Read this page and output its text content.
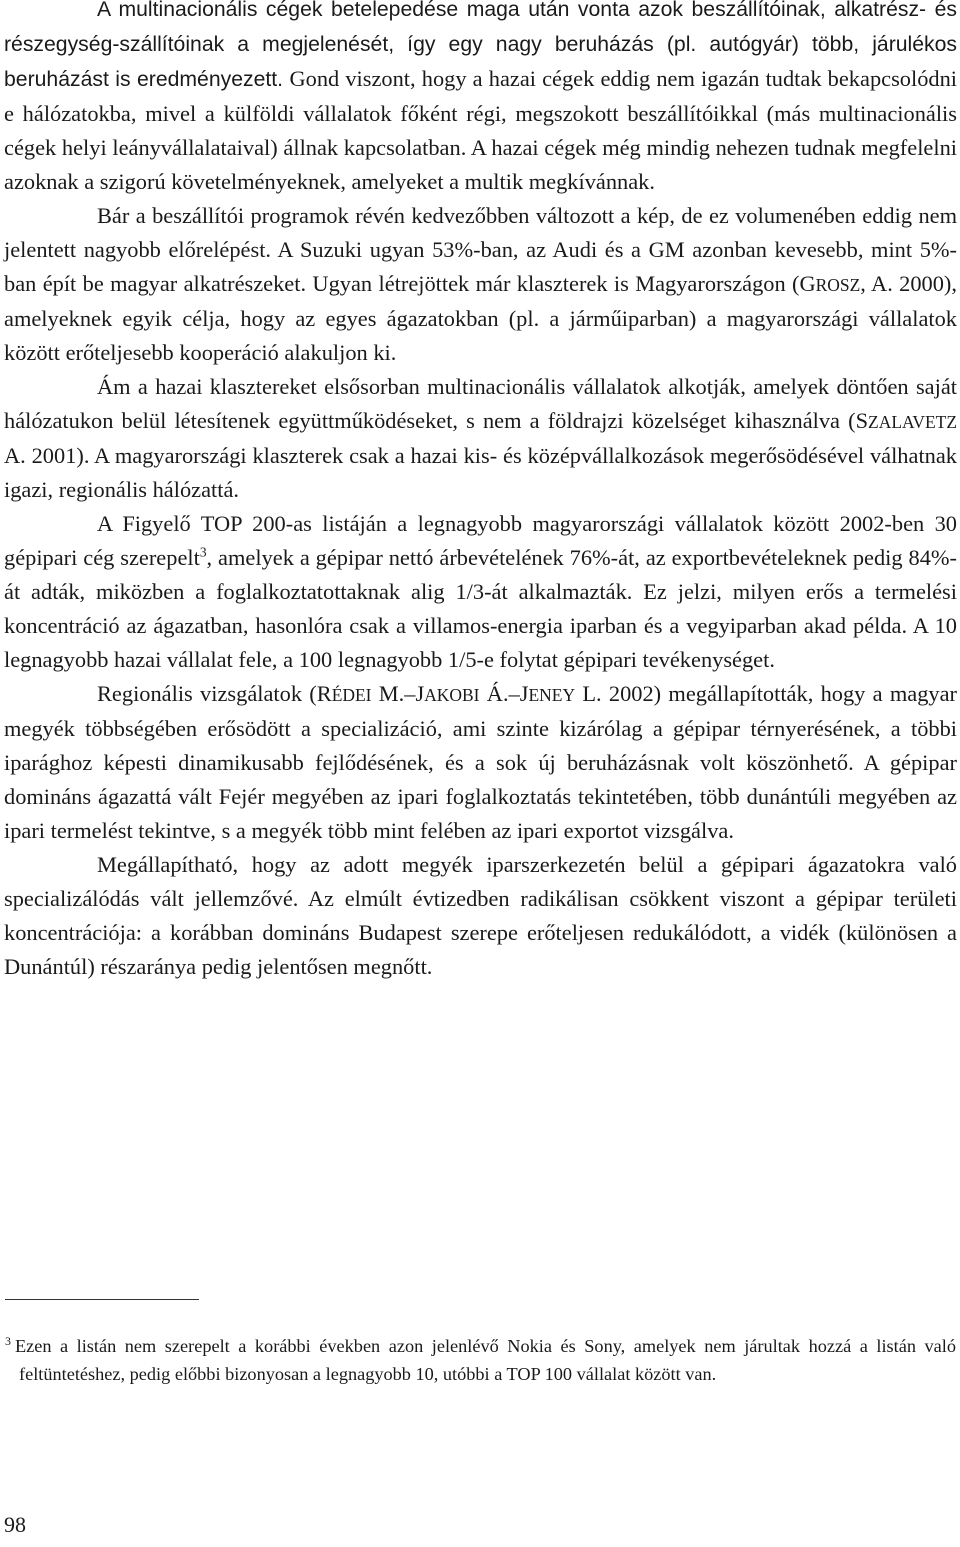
A multinacionális cégek betelepedése maga után vonta azok beszállítóinak, alkatrész- és részegység-szállítóinak a megjelenését, így egy nagy beruházás (pl. autógyár) több, járulékos beruházást is eredményezett. Gond viszont, hogy a hazai cégek eddig nem igazán tudtak bekapcsolódni e hálózatokba, mivel a külföldi vállalatok főként régi, megszokott beszállítóikkal (más multinacionális cégek helyi leányvállalataival) állnak kapcsolatban. A hazai cégek még mindig nehezen tudnak megfelelni azoknak a szigorú követelményeknek, amelyeket a multik megkívánnak.

Bár a beszállítói programok révén kedvezőbben változott a kép, de ez volumenében eddig nem jelentett nagyobb előrelépést. A Suzuki ugyan 53%-ban, az Audi és a GM azonban kevesebb, mint 5%-ban épít be magyar alkatrészeket. Ugyan létrejöttek már klaszterek is Magyarországon (GROSZ, A. 2000), amelyeknek egyik célja, hogy az egyes ágazatokban (pl. a járműiparban) a magyarországi vállalatok között erőteljesebb kooperáció alakuljon ki.

Ám a hazai klasztereket elsősorban multinacionális vállalatok alkotják, amelyek döntően saját hálózatukon belül létesítenek együttműködéseket, s nem a földrajzi közelséget kihasználva (SZALAVETZ A. 2001). A magyarországi klaszterek csak a hazai kis- és középvállalkozások megerősödésével válhatnak igazi, regionális hálózattá.

A Figyelő TOP 200-as listáján a legnagyobb magyarországi vállalatok között 2002-ben 30 gépipari cég szerepelt$^3$, amelyek a gépipar nettó árbevételének 76%-át, az exportbevételeknek pedig 84%-át adták, miközben a foglalkoztatottaknak alig 1/3-át alkalmazták. Ez jelzi, milyen erős a termelési koncentráció az ágazatban, hasonlóra csak a villamos-energia iparban és a vegyiparban akad példa. A 10 legnagyobb hazai vállalat fele, a 100 legnagyobb 1/5-e folytat gépipari tevékenységet.

Regionális vizsgálatok (RÉDEI M.–JAKOBI Á.–JENEY L. 2002) megállapították, hogy a magyar megyék többségében erősödött a specializáció, ami szinte kizárólag a gépipar térnyerésének, a többi iparághoz képesti dinamikusabb fejlődésének, és a sok új beruházásnak volt köszönhető. A gépipar domináns ágazattá vált Fejér megyében az ipari foglalkoztatás tekintetében, több dunántúli megyében az ipari termelést tekintve, s a megyék több mint felében az ipari exportot vizsgálva.

Megállapítható, hogy az adott megyék iparszerkezetén belül a gépipari ágazatokra való specializálódás vált jellemzővé. Az elmúlt évtizedben radikálisan csökkent viszont a gépipar területi koncentrációja: a korábban domináns Budapest szerepe erőteljesen redukálódott, a vidék (különösen a Dunántúl) részaránya pedig jelentősen megnőtt.

$^3$ Ezen a listán nem szerepelt a korábbi években azon jelenlévő Nokia és Sony, amelyek nem járultak hozzá a listán való feltüntetéshez, pedig előbbi bizonyosan a legnagyobb 10, utóbbi a TOP 100 vállalat között van.

98
